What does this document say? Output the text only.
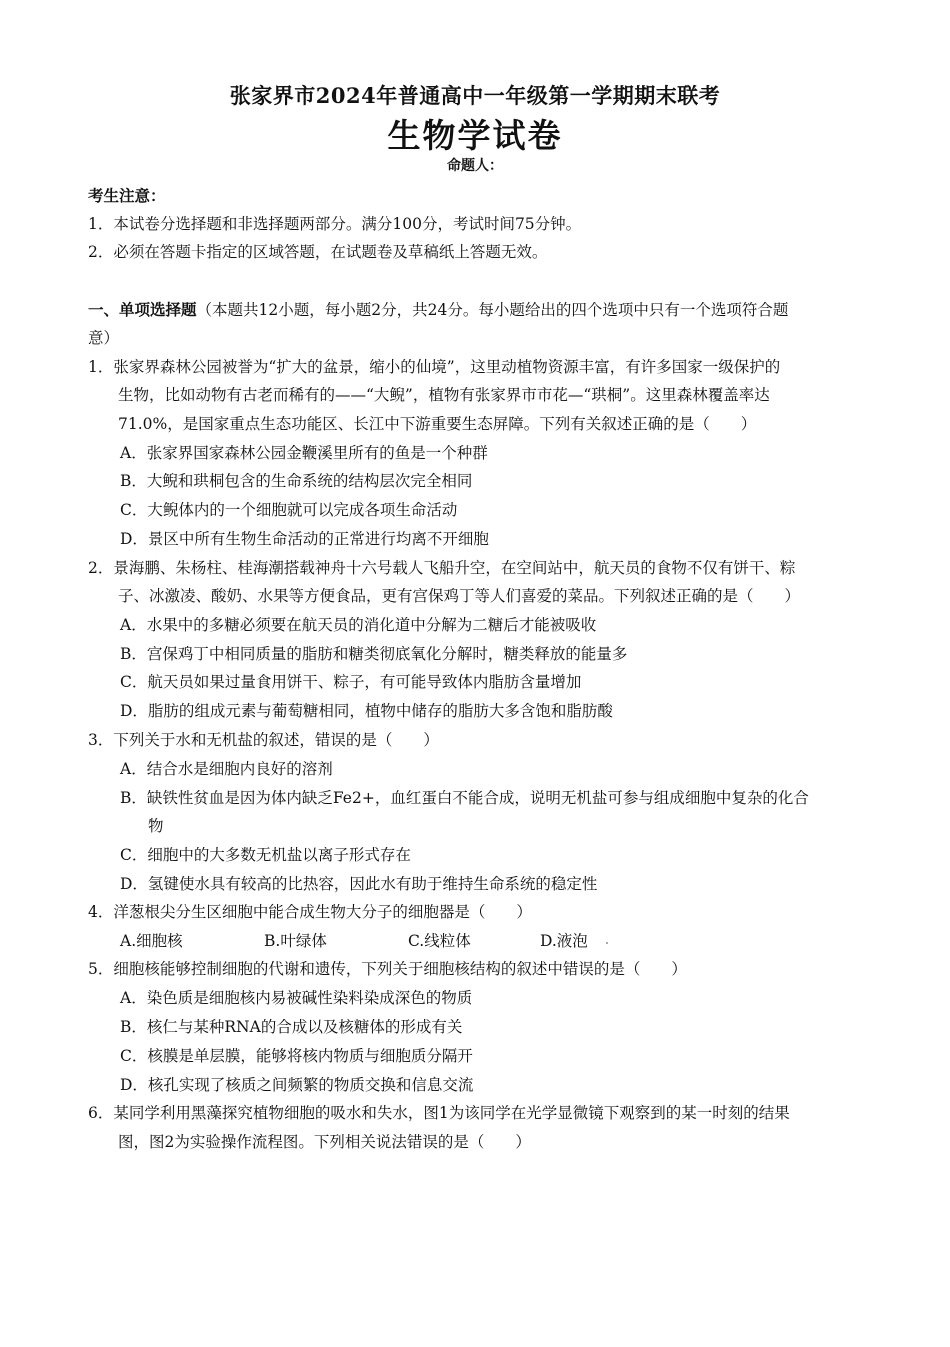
张家界市2024年普通高中一年级第一学期期末联考
生物学试卷
命题人：
考生注意：
1．本试卷分选择题和非选择题两部分。满分100分，考试时间75分钟。
2．必须在答题卡指定的区域答题，在试题卷及草稿纸上答题无效。
一、单项选择题（本题共12小题，每小题2分，共24分。每小题给出的四个选项中只有一个选项符合题
意）
1．张家界森林公园被誉为“扩大的盆景，缩小的仙境”，这里动植物资源丰富，有许多国家一级保护的
生物，比如动物有古老而稀有的——“大鲵”，植物有张家界市市花—“珙桐”。这里森林覆盖率达
71.0%，是国家重点生态功能区、长江中下游重要生态屏障。下列有关叙述正确的是（　　）
A．张家界国家森林公园金鞭溪里所有的鱼是一个种群
B．大鲵和珙桐包含的生命系统的结构层次完全相同
C．大鲵体内的一个细胞就可以完成各项生命活动
D．景区中所有生物生命活动的正常进行均离不开细胞
2．景海鹏、朱杨柱、桂海潮搭载神舟十六号载人飞船升空，在空间站中，航天员的食物不仅有饼干、粽
子、冰激凌、酸奶、水果等方便食品，更有宫保鸡丁等人们喜爱的菜品。下列叙述正确的是（　　）
A．水果中的多糖必须要在航天员的消化道中分解为二糖后才能被吸收
B．宫保鸡丁中相同质量的脂肪和糖类彻底氧化分解时，糖类释放的能量多
C．航天员如果过量食用饼干、粽子，有可能导致体内脂肪含量增加
D．脂肪的组成元素与葡萄糖相同，植物中储存的脂肪大多含饱和脂肪酸
3．下列关于水和无机盐的叙述，错误的是（　　）
A．结合水是细胞内良好的溶剂
B．缺铁性贫血是因为体内缺乏Fe2+，血红蛋白不能合成，说明无机盐可参与组成细胞中复杂的化合
物
C．细胞中的大多数无机盐以离子形式存在
D．氢键使水具有较高的比热容，因此水有助于维持生命系统的稳定性
4．洋葱根尖分生区细胞中能合成生物大分子的细胞器是（　　）
A.细胞核	B.叶绿体	C.线粒体	D.液泡
5．细胞核能够控制细胞的代谢和遗传，下列关于细胞核结构的叙述中错误的是（　　）
A．染色质是细胞核内易被碱性染料染成深色的物质
B．核仁与某种RNA的合成以及核糖体的形成有关
C．核膜是单层膜，能够将核内物质与细胞质分隔开
D．核孔实现了核质之间频繁的物质交换和信息交流
6．某同学利用黑藻探究植物细胞的吸水和失水，图1为该同学在光学显微镜下观察到的某一时刻的结果
图，图2为实验操作流程图。下列相关说法错误的是（　　）
